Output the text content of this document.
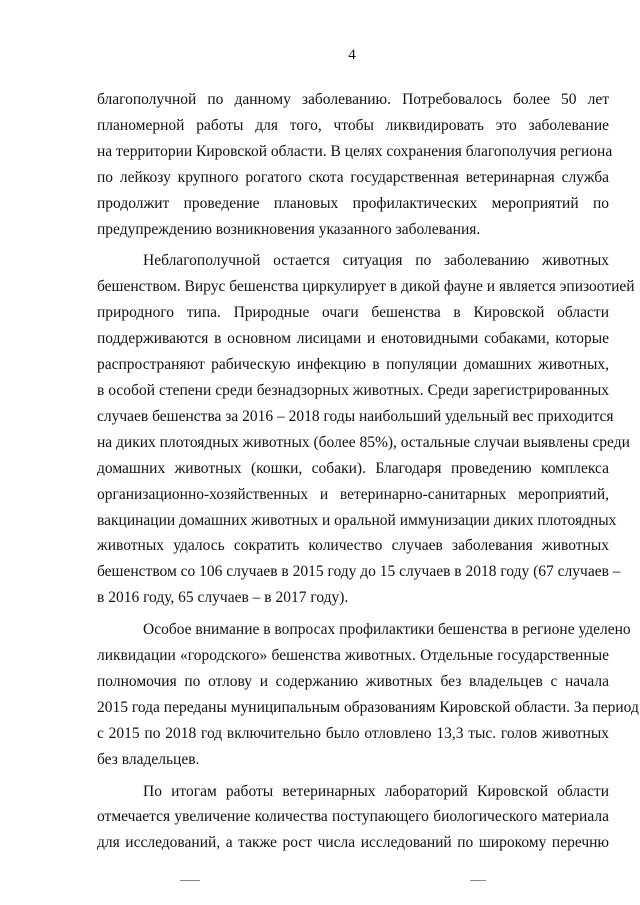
4

благополучной по данному заболеванию. Потребовалось более 50 лет
планомерной работы для того, чтобы ликвидировать это заболевание
на территории Кировской области. В целях сохранения благополучия региона
по лейкозу крупного рогатого скота государственная ветеринарная служба
продолжит проведение плановых профилактических мероприятий по
предупреждению возникновения указанного заболевания.

Неблагополучной остается ситуация по заболеванию животных
бешенством. Вирус бешенства циркулирует в дикой фауне и является эпизоотией
природного типа. Природные очаги бешенства в Кировской области
поддерживаются в основном лисицами и енотовидными собаками, которые
распространяют рабическую инфекцию в популяции домашних животных,
в особой степени среди безнадзорных животных. Среди зарегистрированных
случаев бешенства за 2016 – 2018 годы наибольший удельный вес приходится
на диких плотоядных животных (более 85%), остальные случаи выявлены среди
домашних животных (кошки, собаки). Благодаря проведению комплекса
организационно-хозяйственных и ветеринарно-санитарных мероприятий,
вакцинации домашних животных и оральной иммунизации диких плотоядных
животных удалось сократить количество случаев заболевания животных
бешенством со 106 случаев в 2015 году до 15 случаев в 2018 году (67 случаев –
в 2016 году, 65 случаев – в 2017 году).

Особое внимание в вопросах профилактики бешенства в регионе уделено
ликвидации «городского» бешенства животных. Отдельные государственные
полномочия по отлову и содержанию животных без владельцев с начала
2015 года переданы муниципальным образованиям Кировской области. За период
с 2015 по 2018 год включительно было отловлено 13,3 тыс. голов животных
без владельцев.

По итогам работы ветеринарных лабораторий Кировской области
отмечается увеличение количества поступающего биологического материала
для исследований, а также рост числа исследований по широкому перечню
